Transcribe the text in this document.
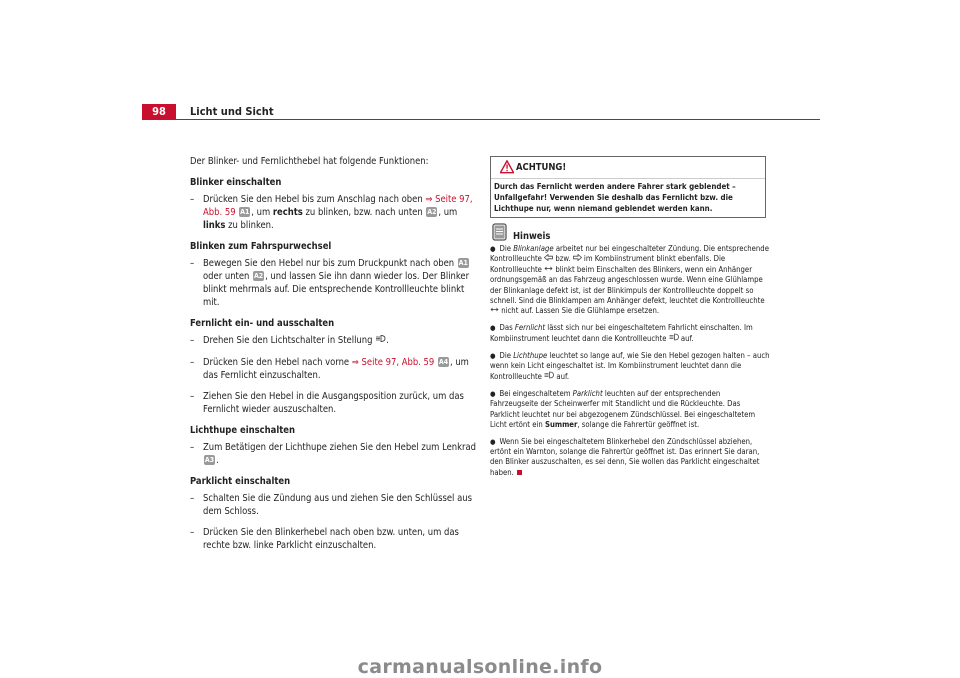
98	Licht und Sicht

Der Blinker- und Fernlichthebel hat folgende Funktionen:

Blinker einschalten
– Drücken Sie den Hebel bis zum Anschlag nach oben ⇒ Seite 97, Abb. 59 A1 , um rechts zu blinken, bzw. nach unten A2 , um links zu blinken.
Blinken zum Fahrspurwechsel
– Bewegen Sie den Hebel nur bis zum Druckpunkt nach oben A1 oder unten A2 , und lassen Sie ihn dann wieder los. Der Blinker blinkt mehrmals auf. Die entsprechende Kontrollleuchte blinkt mit.
Fernlicht ein- und ausschalten
– Drehen Sie den Lichtschalter in Stellung .
– Drücken Sie den Hebel nach vorne ⇒ Seite 97, Abb. 59 A4 , um das Fernlicht einzuschalten.
– Ziehen Sie den Hebel in die Ausgangsposition zurück, um das Fernlicht wieder auszuschalten.
Lichthupe einschalten
– Zum Betätigen der Lichthupe ziehen Sie den Hebel zum Lenkrad A3 .
Parklicht einschalten
– Schalten Sie die Zündung aus und ziehen Sie den Schlüssel aus dem Schloss.
– Drücken Sie den Blinkerhebel nach oben bzw. unten, um das rechte bzw. linke Parklicht einzuschalten.
ACHTUNG!
Durch das Fernlicht werden andere Fahrer stark geblendet – Unfallgefahr! Verwenden Sie deshalb das Fernlicht bzw. die Lichthupe nur, wenn niemand geblendet werden kann.
Hinweis

● Die Blinkanlage arbeitet nur bei eingeschalteter Zündung. Die entsprechende Kontrollleuchte  bzw.  im Kombiinstrument blinkt ebenfalls. Die Kontrollleuchte  blinkt beim Einschalten des Blinkers, wenn ein Anhänger ordnungsgemäß an das Fahrzeug angeschlossen wurde. Wenn eine Glühlampe der Blinkanlage defekt ist, ist der Blinkimpuls der Kontrollleuchte doppelt so schnell. Sind die Blinklampen am Anhänger defekt, leuchtet die Kontrollleuchte  nicht auf. Lassen Sie die Glühlampe ersetzen.

● Das Fernlicht lässt sich nur bei eingeschaltetem Fahrlicht einschalten. Im Kombiinstrument leuchtet dann die Kontrollleuchte  auf.

● Die Lichthupe leuchtet so lange auf, wie Sie den Hebel gezogen halten – auch wenn kein Licht eingeschaltet ist. Im Kombiinstrument leuchtet dann die Kontrollleuchte  auf.

● Bei eingeschaltetem Parklicht leuchten auf der entsprechenden Fahrzeugseite der Scheinwerfer mit Standlicht und die Rückleuchte. Das Parklicht leuchtet nur bei abgezogenem Zündschlüssel. Bei eingeschaltetem Licht ertönt ein Summer, solange die Fahrertür geöffnet ist.

● Wenn Sie bei eingeschaltetem Blinkerhebel den Zündschlüssel abziehen, ertönt ein Warnton, solange die Fahrertür geöffnet ist. Das erinnert Sie daran, den Blinker auszuschalten, es sei denn, Sie wollen das Parklicht eingeschaltet haben.

carmanualsonline.info
